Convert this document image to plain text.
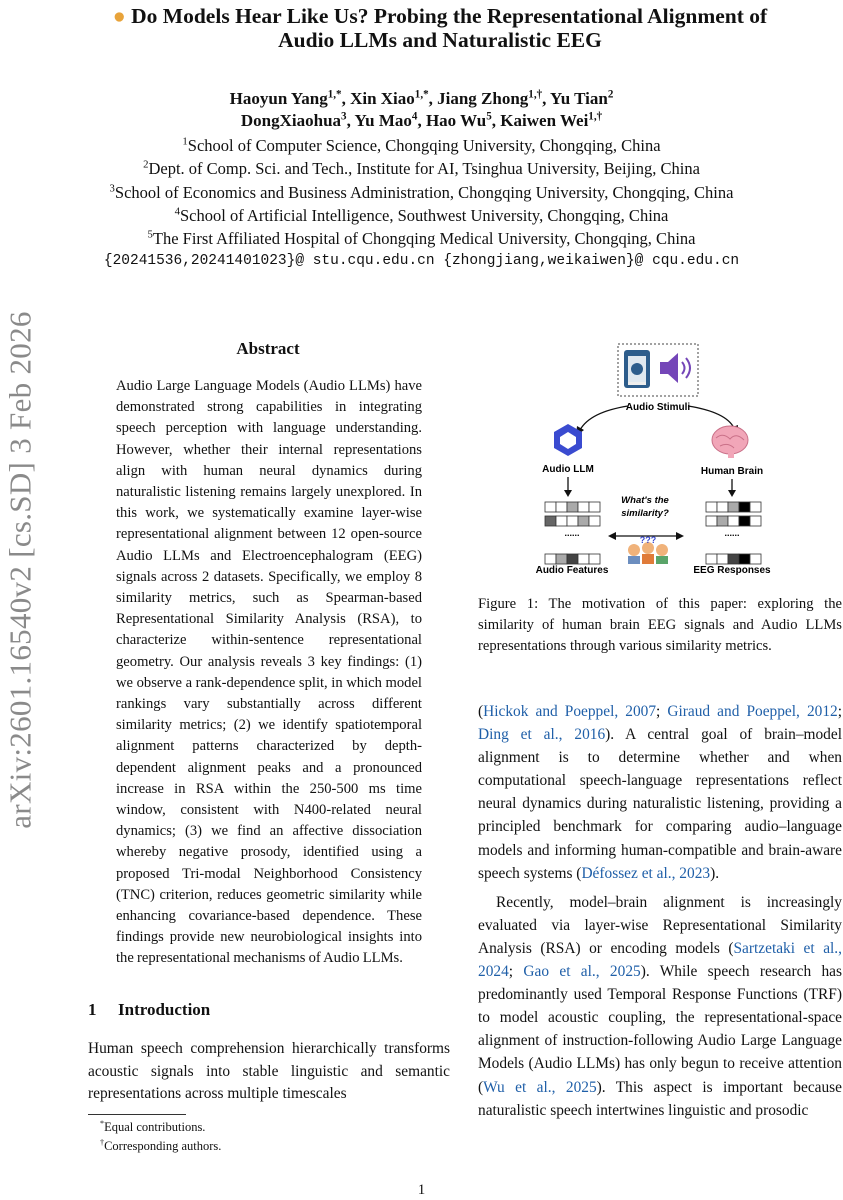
arXiv:2601.16540v2 [cs.SD] 3 Feb 2026
● Do Models Hear Like Us? Probing the Representational Alignment of
Audio LLMs and Naturalistic EEG
Haoyun Yang$^{1,*}$, Xin Xiao$^{1,*}$, Jiang Zhong$^{1,\dagger}$, Yu Tian$^2$
DongXiaohua$^3$, Yu Mao$^4$, Hao Wu$^5$, Kaiwen Wei$^{1,\dagger}$
$^1$School of Computer Science, Chongqing University, Chongqing, China
$^2$Dept. of Comp. Sci. and Tech., Institute for AI, Tsinghua University, Beijing, China
$^3$School of Economics and Business Administration, Chongqing University, Chongqing, China
$^4$School of Artificial Intelligence, Southwest University, Chongqing, China
$^5$The First Affiliated Hospital of Chongqing Medical University, Chongqing, China
{20241536,20241401023}@ stu.cqu.edu.cn {zhongjiang,weikaiwen}@ cqu.edu.cn
Abstract
Audio Large Language Models (Audio LLMs) have demonstrated strong capabilities in integrating speech perception with language understanding. However, whether their internal representations align with human neural dynamics during naturalistic listening remains largely unexplored. In this work, we systematically examine layer-wise representational alignment between 12 open-source Audio LLMs and Electroencephalogram (EEG) signals across 2 datasets. Specifically, we employ 8 similarity metrics, such as Spearman-based Representational Similarity Analysis (RSA), to characterize within-sentence representational geometry. Our analysis reveals 3 key findings: (1) we observe a rank-dependence split, in which model rankings vary substantially across different similarity metrics; (2) we identify spatiotemporal alignment patterns characterized by depth-dependent alignment peaks and a pronounced increase in RSA within the 250-500 ms time window, consistent with N400-related neural dynamics; (3) we find an affective dissociation whereby negative prosody, identified using a proposed Tri-modal Neighborhood Consistency (TNC) criterion, reduces geometric similarity while enhancing covariance-based dependence. These findings provide new neurobiological insights into the representational mechanisms of Audio LLMs.
1 Introduction
Human speech comprehension hierarchically transforms acoustic signals into stable linguistic and semantic representations across multiple timescales
*Equal contributions.
†Corresponding authors.
Audio Stimuli
Audio LLM	Human Brain
......	......
What's the
similarity?
???
Audio Features	EEG Responses
Figure 1: The motivation of this paper: exploring the similarity of human brain EEG signals and Audio LLMs representations through various similarity metrics.

(Hickok and Poeppel, 2007; Giraud and Poeppel, 2012; Ding et al., 2016). A central goal of brain–model alignment is to determine whether and when computational speech-language representations reflect neural dynamics during naturalistic listening, providing a principled benchmark for comparing audio–language models and informing human-compatible and brain-aware speech systems (Défossez et al., 2023).

Recently, model–brain alignment is increasingly evaluated via layer-wise Representational Similarity Analysis (RSA) or encoding models (Sartzetaki et al., 2024; Gao et al., 2025). While speech research has predominantly used Temporal Response Functions (TRF) to model acoustic coupling, the representational-space alignment of instruction-following Audio Large Language Models (Audio LLMs) has only begun to receive attention (Wu et al., 2025). This aspect is important because naturalistic speech intertwines linguistic and prosodic

1
